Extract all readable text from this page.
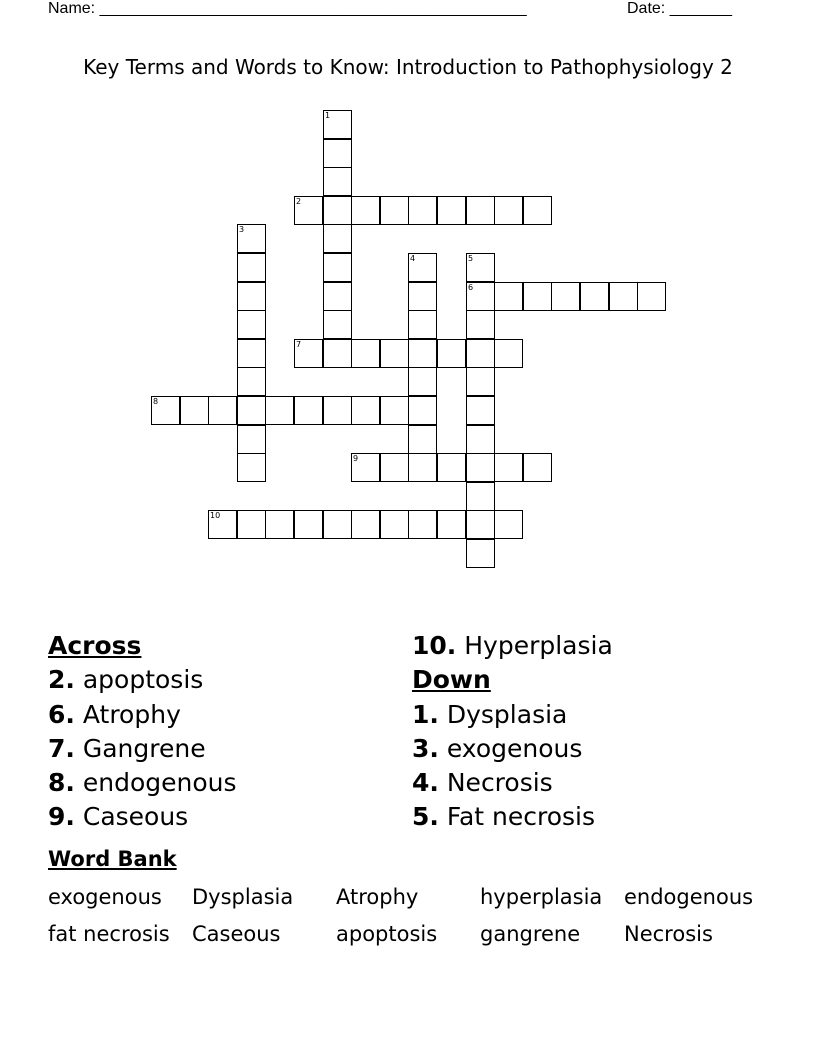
Name: ________________________________________________	Date: _______
Key Terms and Words to Know: Introduction to Pathophysiology 2
1
2
3
4	5
6
7
8
9
10
Across
2. apoptosis
6. Atrophy
7. Gangrene
8. endogenous
9. Caseous
10. Hyperplasia
Down
1. Dysplasia
3. exogenous
4. Necrosis
5. Fat necrosis
Word Bank
exogenous	Dysplasia	Atrophy	hyperplasia	endogenous
fat necrosis	Caseous	apoptosis	gangrene	Necrosis
